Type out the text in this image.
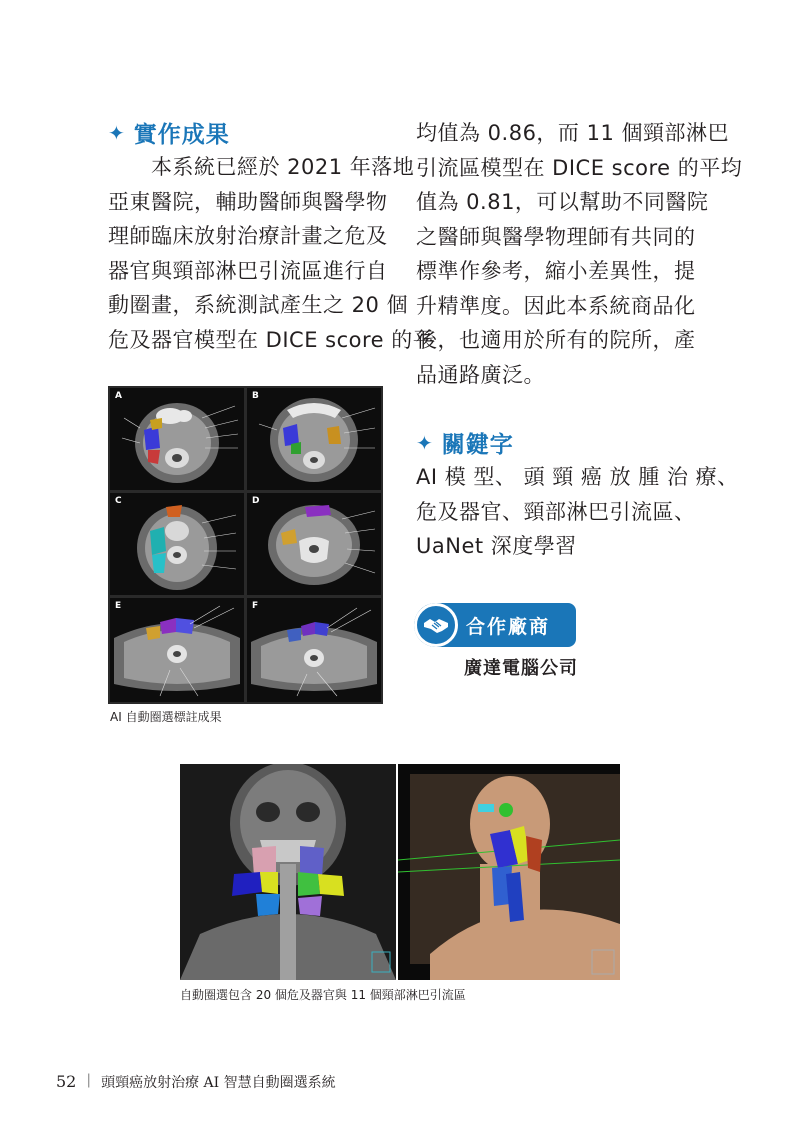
✦ 實作成果

　　本系統已經於 2021 年落地

亞東醫院，輔助醫師與醫學物

理師臨床放射治療計畫之危及

器官與頸部淋巴引流區進行自

動圈畫，系統測試產生之 20 個

危及器官模型在 DICE score 的平

均值為 0.86，而 11 個頸部淋巴

引流區模型在 DICE score 的平均

值為 0.81，可以幫助不同醫院

之醫師與醫學物理師有共同的

標準作參考，縮小差異性，提

升精準度。因此本系統商品化

後，也適用於所有的院所，產

品通路廣泛。

A	B
C	D
E	F
AI 自動圈選標註成果
✦ 關鍵字

AI 模 型、 頭 頸 癌 放 腫 治 療、

危及器官、頸部淋巴引流區、

UaNet 深度學習

合作廠商
廣達電腦公司
自動圈選包含 20 個危及器官與 11 個頸部淋巴引流區
52 | 頭頸癌放射治療 AI 智慧自動圈選系統
